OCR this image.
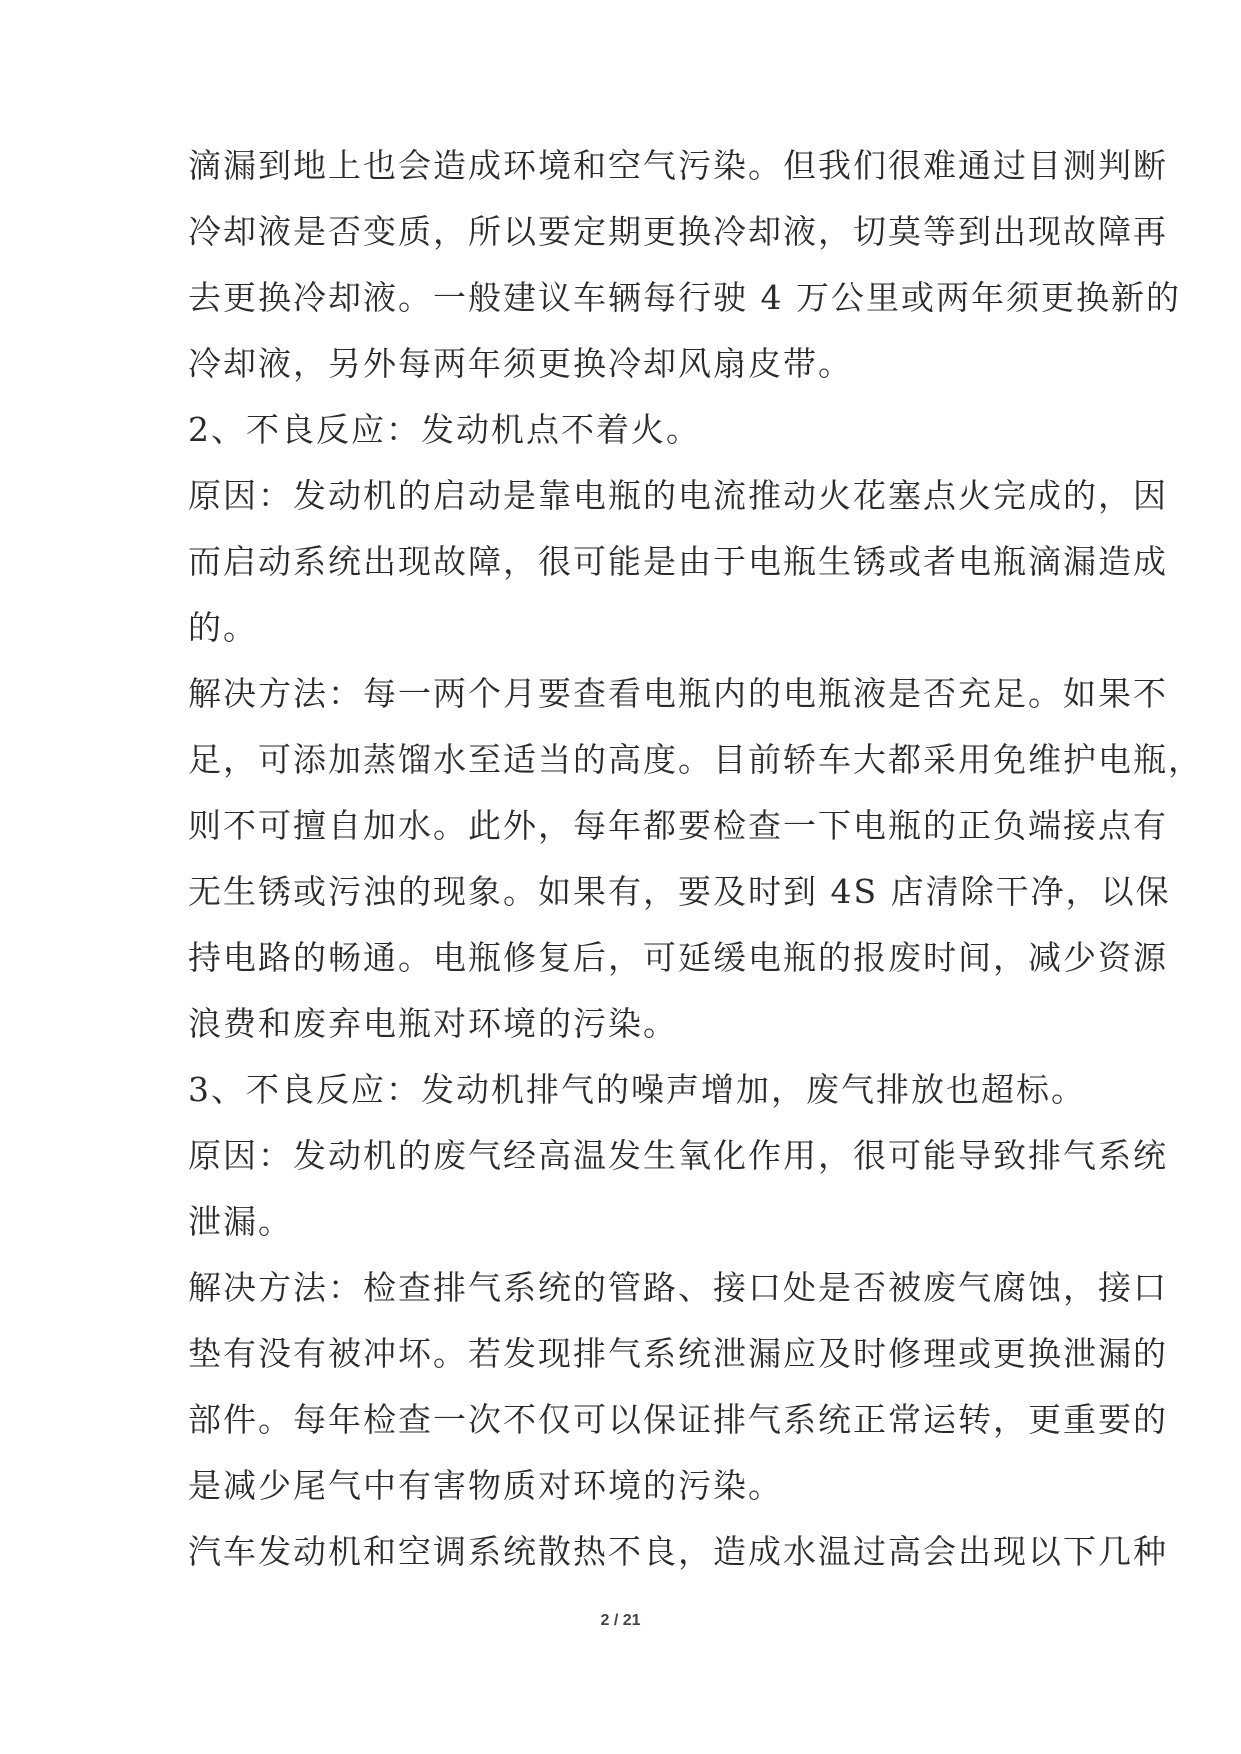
滴漏到地上也会造成环境和空气污染。但我们很难通过目测判断
冷却液是否变质，所以要定期更换冷却液，切莫等到出现故障再
去更换冷却液。一般建议车辆每行驶 4 万公里或两年须更换新的
冷却液，另外每两年须更换冷却风扇皮带。
2、不良反应：发动机点不着火。
原因：发动机的启动是靠电瓶的电流推动火花塞点火完成的，因
而启动系统出现故障，很可能是由于电瓶生锈或者电瓶滴漏造成
的。
解决方法：每一两个月要查看电瓶内的电瓶液是否充足。如果不
足，可添加蒸馏水至适当的高度。目前轿车大都采用免维护电瓶，
则不可擅自加水。此外，每年都要检查一下电瓶的正负端接点有
无生锈或污浊的现象。如果有，要及时到 4S 店清除干净，以保
持电路的畅通。电瓶修复后，可延缓电瓶的报废时间，减少资源
浪费和废弃电瓶对环境的污染。
3、不良反应：发动机排气的噪声增加，废气排放也超标。
原因：发动机的废气经高温发生氧化作用，很可能导致排气系统
泄漏。
解决方法：检查排气系统的管路、接口处是否被废气腐蚀，接口
垫有没有被冲坏。若发现排气系统泄漏应及时修理或更换泄漏的
部件。每年检查一次不仅可以保证排气系统正常运转，更重要的
是减少尾气中有害物质对环境的污染。
汽车发动机和空调系统散热不良，造成水温过高会出现以下几种
2 / 21
